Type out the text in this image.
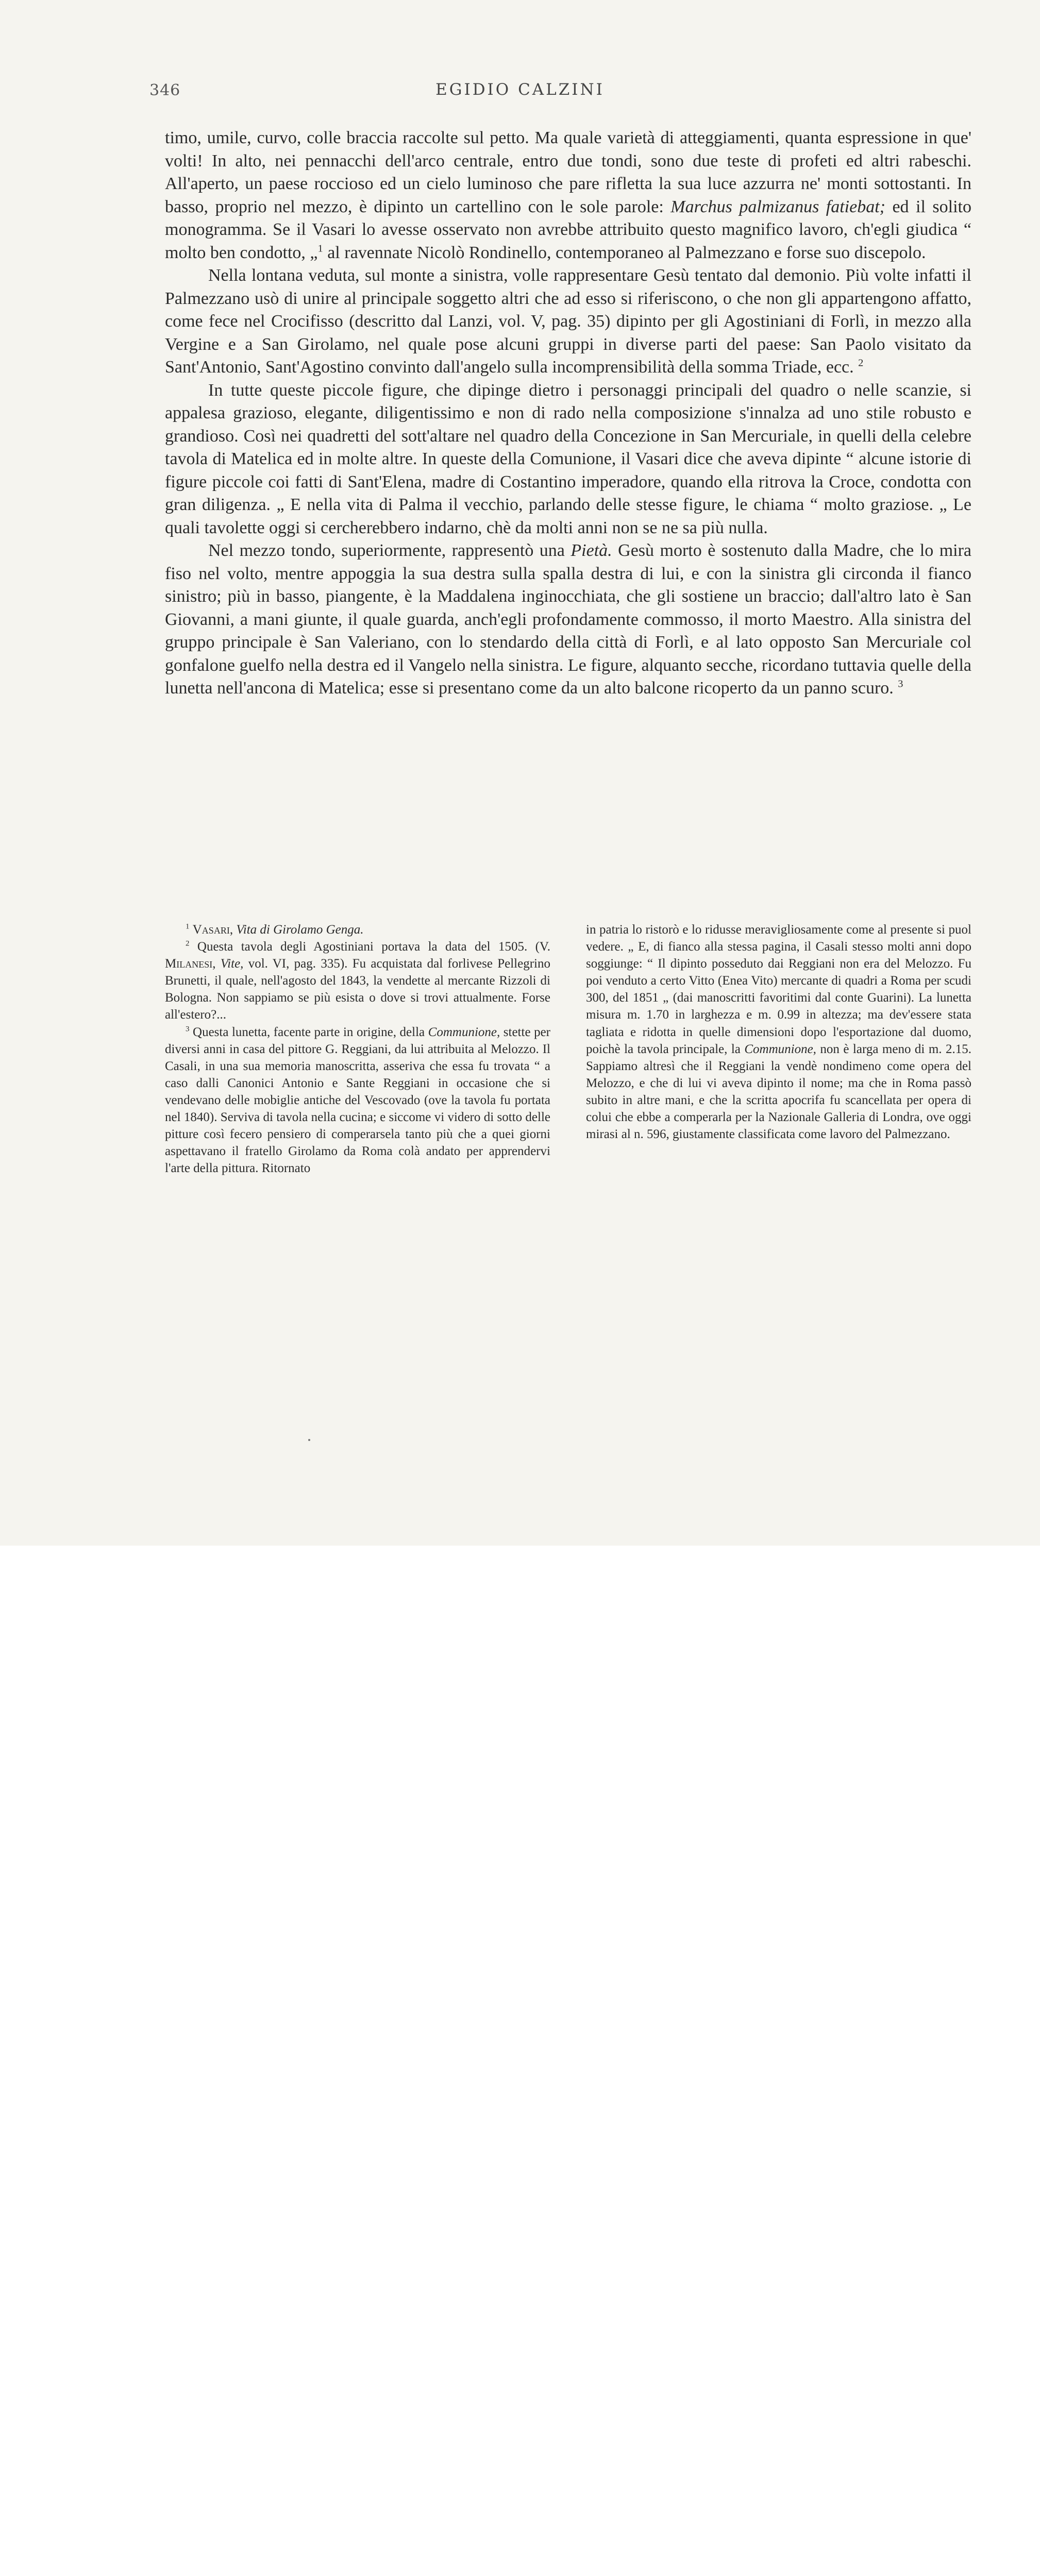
346	EGIDIO CALZINI

timo, umile, curvo, colle braccia raccolte sul petto. Ma quale varietà di atteggiamenti, quanta espressione in que' volti! In alto, nei pennacchi dell'arco centrale, entro due tondi, sono due teste di profeti ed altri rabeschi. All'aperto, un paese roccioso ed un cielo luminoso che pare rifletta la sua luce azzurra ne' monti sottostanti. In basso, proprio nel mezzo, è dipinto un cartellino con le sole parole: Marchus palmizanus fatiebat; ed il solito monogramma. Se il Vasari lo avesse osservato non avrebbe attribuito questo magnifico lavoro, ch'egli giudica “ molto ben condotto, „$^1$ al ravennate Nicolò Rondinello, contemporaneo al Palmezzano e forse suo discepolo.

Nella lontana veduta, sul monte a sinistra, volle rappresentare Gesù tentato dal demonio. Più volte infatti il Palmezzano usò di unire al principale soggetto altri che ad esso si riferiscono, o che non gli appartengono affatto, come fece nel Crocifisso (descritto dal Lanzi, vol. V, pag. 35) dipinto per gli Agostiniani di Forlì, in mezzo alla Vergine e a San Girolamo, nel quale pose alcuni gruppi in diverse parti del paese: San Paolo visitato da Sant'Antonio, Sant'Agostino convinto dall'angelo sulla incomprensibilità della somma Triade, ecc. $^2$

In tutte queste piccole figure, che dipinge dietro i personaggi principali del quadro o nelle scanzie, si appalesa grazioso, elegante, diligentissimo e non di rado nella composizione s'innalza ad uno stile robusto e grandioso. Così nei quadretti del sott'altare nel quadro della Concezione in San Mercuriale, in quelli della celebre tavola di Matelica ed in molte altre. In queste della Comunione, il Vasari dice che aveva dipinte “ alcune istorie di figure piccole coi fatti di Sant'Elena, madre di Costantino imperadore, quando ella ritrova la Croce, condotta con gran diligenza. „ E nella vita di Palma il vecchio, parlando delle stesse figure, le chiama “ molto graziose. „ Le quali tavolette oggi si cercherebbero indarno, chè da molti anni non se ne sa più nulla.

Nel mezzo tondo, superiormente, rappresentò una Pietà. Gesù morto è sostenuto dalla Madre, che lo mira fiso nel volto, mentre appoggia la sua destra sulla spalla destra di lui, e con la sinistra gli circonda il fianco sinistro; più in basso, piangente, è la Maddalena inginocchiata, che gli sostiene un braccio; dall'altro lato è San Giovanni, a mani giunte, il quale guarda, anch'egli profondamente commosso, il morto Maestro. Alla sinistra del gruppo principale è San Valeriano, con lo stendardo della città di Forlì, e al lato opposto San Mercuriale col gonfalone guelfo nella destra ed il Vangelo nella sinistra. Le figure, alquanto secche, ricordano tuttavia quelle della lunetta nell'ancona di Matelica; esse si presentano come da un alto balcone ricoperto da un panno scuro. $^3$

$^1$ Vasari, Vita di Girolamo Genga.

$^2$ Questa tavola degli Agostiniani portava la data del 1505. (V. Milanesi, Vite, vol. VI, pag. 335). Fu acquistata dal forlivese Pellegrino Brunetti, il quale, nell'agosto del 1843, la vendette al mercante Rizzoli di Bologna. Non sappiamo se più esista o dove si trovi attualmente. Forse all'estero?...

$^3$ Questa lunetta, facente parte in origine, della Communione, stette per diversi anni in casa del pittore G. Reggiani, da lui attribuita al Melozzo. Il Casali, in una sua memoria manoscritta, asseriva che essa fu trovata “ a caso dalli Canonici Antonio e Sante Reggiani in occasione che si vendevano delle mobiglie antiche del Vescovado (ove la tavola fu portata nel 1840). Serviva di tavola nella cucina; e siccome vi videro di sotto delle pitture così fecero pensiero di comperarsela tanto più che a quei giorni aspettavano il fratello Girolamo da Roma colà andato per apprendervi l'arte della pittura. Ritornato

in patria lo ristorò e lo ridusse meravigliosamente come al presente si puol vedere. „ E, di fianco alla stessa pagina, il Casali stesso molti anni dopo soggiunge: “ Il dipinto posseduto dai Reggiani non era del Melozzo. Fu poi venduto a certo Vitto (Enea Vito) mercante di quadri a Roma per scudi 300, del 1851 „ (dai manoscritti favoritimi dal conte Guarini). La lunetta misura m. 1.70 in larghezza e m. 0.99 in altezza; ma dev'essere stata tagliata e ridotta in quelle dimensioni dopo l'esportazione dal duomo, poichè la tavola principale, la Communione, non è larga meno di m. 2.15. Sappiamo altresì che il Reggiani la vendè nondimeno come opera del Melozzo, e che di lui vi aveva dipinto il nome; ma che in Roma passò subito in altre mani, e che la scritta apocrifa fu scancellata per opera di colui che ebbe a comperarla per la Nazionale Galleria di Londra, ove oggi mirasi al n. 596, giustamente classificata come lavoro del Palmezzano.
